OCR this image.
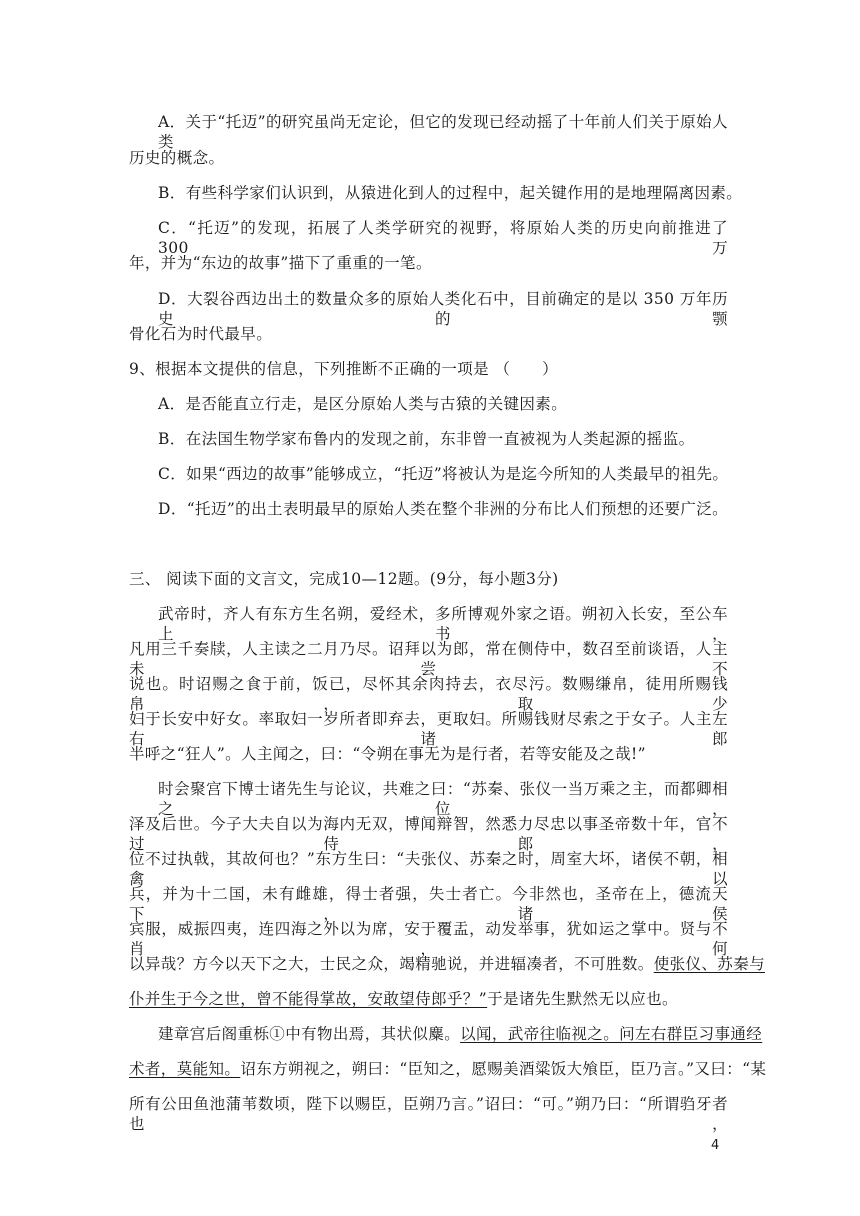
A．关于“托迈”的研究虽尚无定论，但它的发现已经动摇了十年前人们关于原始人类
历史的概念。
B．有些科学家们认识到，从猿进化到人的过程中，起关键作用的是地理隔离因素。
C．“托迈”的发现，拓展了人类学研究的视野，将原始人类的历史向前推进了 300 万
年，并为“东边的故事”描下了重重的一笔。
D．大裂谷西边出土的数量众多的原始人类化石中，目前确定的是以 350 万年历史的颚
骨化石为时代最早。
9、根据本文提供的信息，下列推断不正确的一项是 （　　）
A．是否能直立行走，是区分原始人类与古猿的关键因素。
B．在法国生物学家布鲁内的发现之前，东非曾一直被视为人类起源的摇监。
C．如果“西边的故事”能够成立，“托迈”将被认为是迄今所知的人类最早的祖先。
D．“托迈”的出土表明最早的原始人类在整个非洲的分布比人们预想的还要广泛。
三、 阅读下面的文言文，完成10—12题。(9分，每小题3分)
武帝时，齐人有东方生名朔，爱经术，多所博观外家之语。朔初入长安，至公车上书，
凡用三千奏牍，人主读之二月乃尽。诏拜以为郎，常在侧侍中，数召至前谈语，人主未尝不
说也。时诏赐之食于前，饭已，尽怀其余肉持去，衣尽污。数赐缣帛，徒用所赐钱帛，取少
妇于长安中好女。率取妇一岁所者即弃去，更取妇。所赐钱财尽索之于女子。人主左右诸郎
半呼之“狂人”。人主闻之，曰：“令朔在事无为是行者，若等安能及之哉!”
时会聚宫下博士诸先生与论议，共难之曰：“苏秦、张仪一当万乘之主，而都卿相之位，
泽及后世。今子大夫自以为海内无双，博闻辩智，然悉力尽忠以事圣帝数十年，官不过侍郎，
位不过执戟，其故何也？”东方生曰：“夫张仪、苏秦之时，周室大坏，诸侯不朝，相禽以
兵，并为十二国，未有雌雄，得士者强，失士者亡。今非然也，圣帝在上，德流天下，诸侯
宾服，威振四夷，连四海之外以为席，安于覆盂，动发举事，犹如运之掌中。贤与不肖，何
以异哉？方今以天下之大，士民之众，竭精驰说，并进辐凑者，不可胜数。使张仪、苏秦与
仆并生于今之世，曾不能得掌故，安敢望侍郎乎？”于是诸先生默然无以应也。
建章宫后阁重栎①中有物出焉，其状似麋。以闻，武帝往临视之。问左右群臣习事通经
术者，莫能知。诏东方朔视之，朔曰：“臣知之，愿赐美酒粱饭大飧臣，臣乃言。”又曰：“某
所有公田鱼池蒲苇数顷，陛下以赐臣，臣朔乃言。”诏曰：“可。”朔乃曰：“所谓驺牙者也，
4
